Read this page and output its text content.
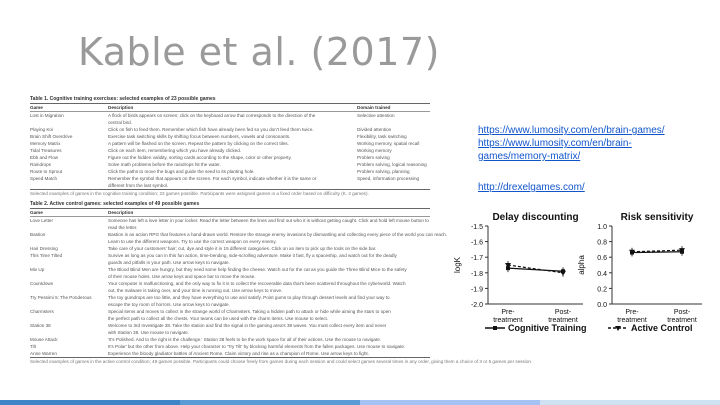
Kable et al. (2017)
Table 1. Cognitive training exercises: selected examples of 23 possible games
Game	Description	Domain trained
Lost in Migration	A flock of birds appears on screen; click on the keyboard arrow that corresponds to the direction of the	Selective attention
central bird.
Playing Koi	Click on fish to feed them. Remember which fish have already been fed so you don't feed them twice.	Divided attention
Brain Shift Overdrive	Exercise task switching skills by shifting focus between numbers, vowels and consonants.	Flexibility, task switching
Memory Matrix	A pattern will be flashed on the screen. Repeat the pattern by clicking on the correct tiles.	Working memory, spatial recall
Tidal Treasures	Click on each item, remembering which you have already clicked.	Working memory
Ebb and Flow	Figure out the hidden validity, sorting cards according to the shape, color or other property.	Problem solving
Raindrops	Solve math problems before the raindrops hit the water.	Problem solving, logical reasoning
Route to Sprout	Click the paths to move the bugs and guide the seed to its planting hole.	Problem solving, planning
Speed Match	Remember the symbol that appears on the screen. For each symbol, indicate whether it is the same or	Speed, information processing
different from the last symbol.
Selected examples of games in the cognitive training condition; 23 games possible. Participants were assigned games in a fixed order based on difficulty (K. 2 games).
Table 2. Active control games: selected examples of 49 possible games
Game	Description
Love Letter	Someone has left a love letter in your locker. Read the letter between the lines and find out who it is without getting caught. Click and hold left mouse button to
read the letter.
Bastion	Bastion is an action RPG that features a hand-drawn world. Restore the strange enemy invasions by dismantling and collecting every piece of the world you can reach.
Learn to use the different weapons. Try to use the correct weapon on every enemy.
Hair Dressing	Take care of your customers' hair; cut, dye and style it in 15 different categories. Click on an item to pick up the tools on the side bar.
This Time Tilted	Survive as long as you can in this fun action, time-bending, side-scrolling adventure. Make it fast, fly a spaceship, and watch out for the deadly
guards and pitfalls in your path. Use arrow keys to navigate.
Mix Up	The Blood Blind Men are hungry, but they need some help finding the cheese. Watch out for the cat as you guide the Three Blind Mice to the safety
of their mouse holes. Use arrow keys and space bar to move the mouse.
Countdown	Your computer is malfunctioning, and the only way to fix it is to collect the recoverable data that's been scattered throughout the cyberworld. Watch
out, the malware is taking over, and your time is running out. Use arrow keys to move.
Try Pessimi 5: The Ponderous	The toy gumdrops are too little, and they have everything to use and satisfy. Point gums to play through dessert levels and find your way to
escape the toy room of horrors. Use arrow keys to navigate.
Charmsters	Special items and moves to collect in the strange world of Charmsters. Taking a hidden path to attack or hide while aiming the stars to open
the perfect path to collect all the chests. Your teams can be used with the charm items. Use mouse to select.
Station 38	Welcome to 3rd Investigate 38. Take the station and find the signal in the gaming area's 38 waves. You must collect every item and never
with Station 38. Use mouse to navigate.
Mouse Attack	'It's Polished. And to the right is the challenge.' Station 38 feels to be the work space for all of their actions. Use the mouse to navigate.
Tilt	It's Polar' but the other from above. Help your character to 'Try Tilt' by blocking harmful elements from the fallen packages. Use mouse to navigate.
Anne Warren	Experience the bloody gladiator battles of Ancient Rome. Claim victory and rise as a champion of Rome. Use arrow keys to fight.
Selected examples of games in the active control condition; 49 games possible. Participants could choose freely from games during each session and could select games several times in any order, giving them a choice of 3 or 5 games per session.
https://www.lumosity.com/en/brain-games/
https://www.lumosity.com/en/brain-games/memory-matrix/
http://drexelgames.com/
Delay discounting
-1.5
-1.6
-1.7
-1.8
-1.9
-2.0
logK
Pre-treatment
Post-treatment
Risk sensitivity
1.0
0.8
0.6
0.4
0.2
0.0
alpha
Pre-treatment
Post-treatment
Cognitive Training	Active Control
